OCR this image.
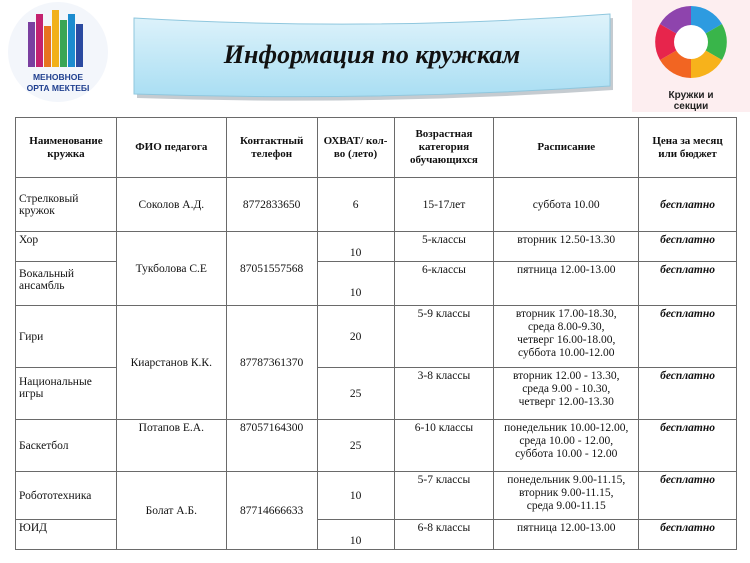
МЕНОВНОЕ
ОРТА МЕКТЕБІ
Информация по кружкам
Кружки и
секции
Наименование кружка	ФИО педагога	Контактный телефон	ОХВАТ/ кол-во (лето)	Возрастная категория обучающихся	Расписание	Цена за месяц или бюджет
Стрелковый кружок	Соколов А.Д.	8772833650	6	15-17лет	суббота 10.00	бесплатно
Хор	Тукболова С.Е	87051557568	10	5-классы	вторник 12.50-13.30	бесплатно
Вокальный ансамбль			10	6-классы	пятница 12.00-13.00	бесплатно
Гири	Киарстанов К.К.	87787361370	20	5-9 классы	вторник 17.00-18.30,
среда 8.00-9.30,
четверг 16.00-18.00,
суббота 10.00-12.00	бесплатно
Национальные игры			25	3-8 классы	вторник 12.00 - 13.30,
среда 9.00 - 10.30,
четверг 12.00-13.30	бесплатно
Баскетбол	Потапов Е.А.	87057164300	25	6-10 классы	понедельник 10.00-12.00,
среда 10.00 - 12.00,
суббота 10.00 - 12.00	бесплатно
Робототехника	Болат А.Б.	87714666633	10	5-7 классы	понедельник 9.00-11.15,
вторник 9.00-11.15,
среда 9.00-11.15	бесплатно
ЮИД			10	6-8 классы	пятница 12.00-13.00	бесплатно
